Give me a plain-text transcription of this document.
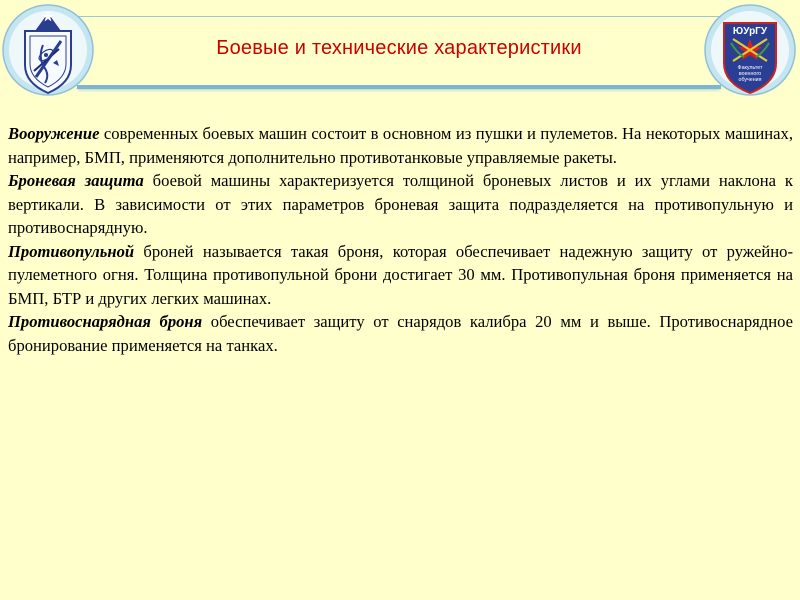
Боевые и технические характеристики
ЮУрГУ
Факультет
военного
обучения

Вооружение современных боевых машин состоит в основном из пушки и пулеметов. На некоторых машинах, например, БМП, применяются дополнительно противотанковые управляемые ракеты.

Броневая защита боевой машины характеризуется толщиной броневых листов и их углами наклона к вертикали. В зависимости от этих параметров броневая защита подразделяется на противопульную и противоснарядную.

Противопульной броней называется такая броня, которая обеспечивает надежную защиту от ружейно-пулеметного огня. Толщина противопульной брони достигает 30 мм. Противопульная броня применяется на БМП, БТР и других легких машинах.

Противоснарядная броня обеспечивает защиту от снарядов калибра 20 мм и выше. Противоснарядное бронирование применяется на танках.
